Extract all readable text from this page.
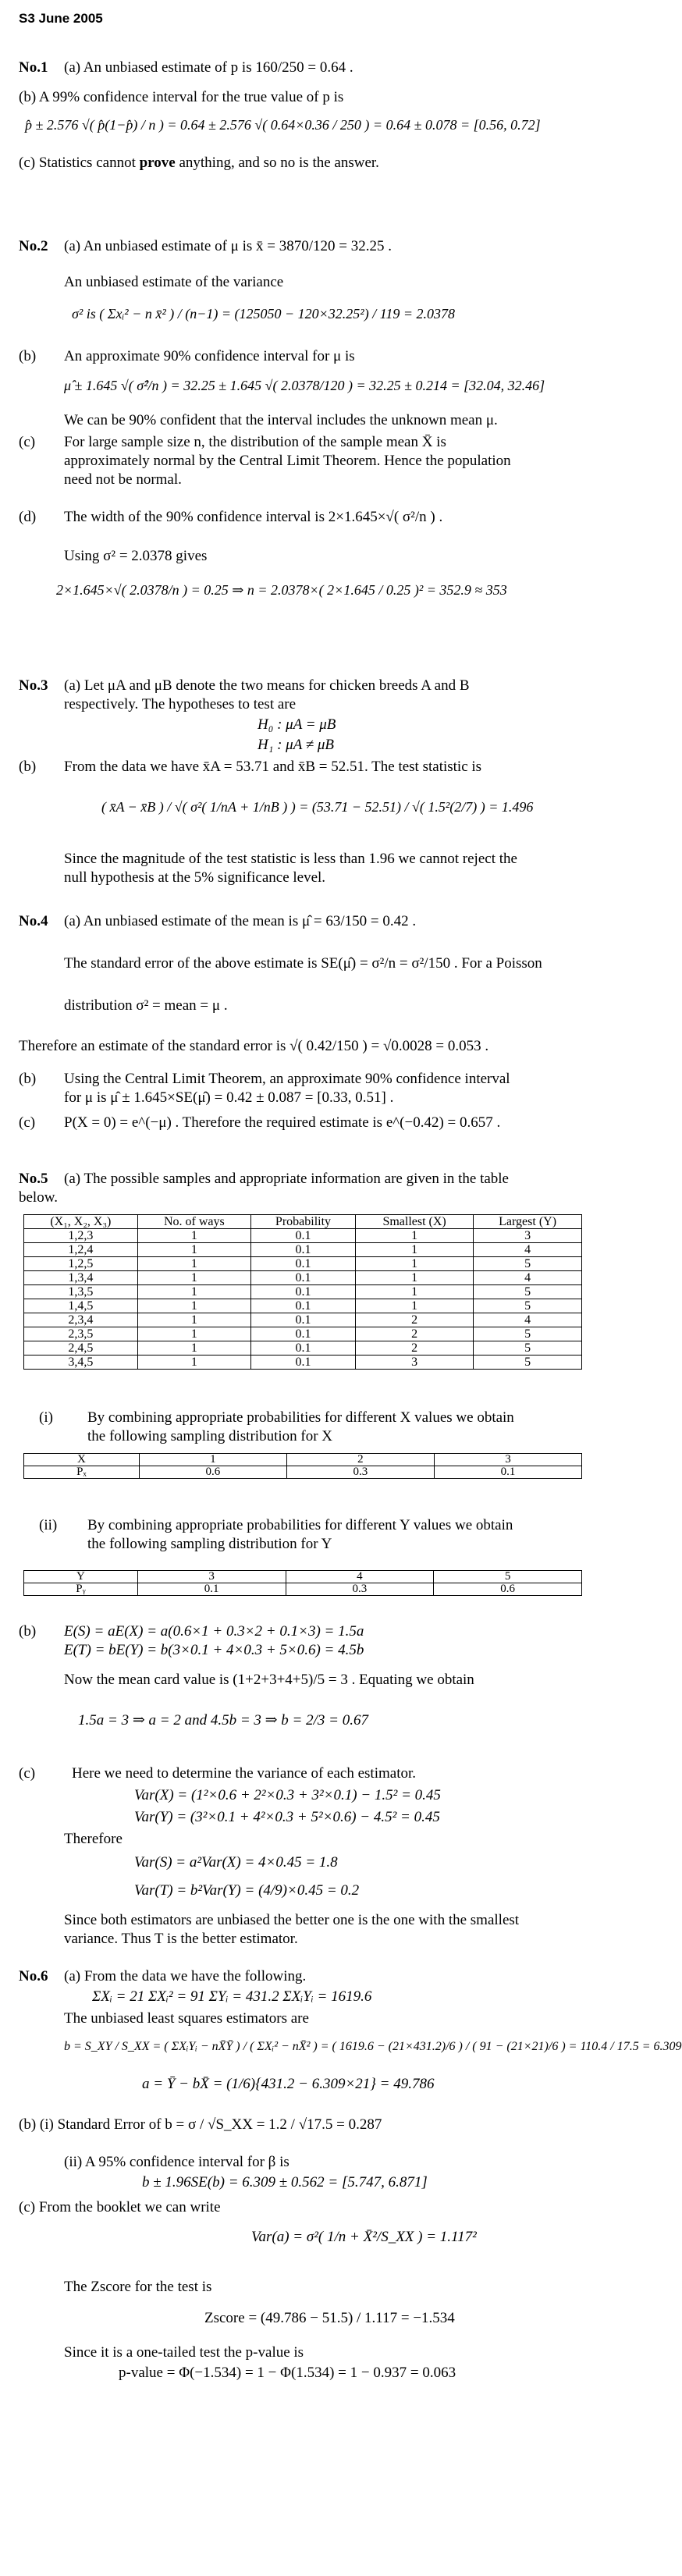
S3 June 2005
No.1 (a) An unbiased estimate of p is 160/250 = 0.64 .
(b) A 99% confidence interval for the true value of p is
p̂ ± 2.576 √( p̂(1−p̂) / n ) = 0.64 ± 2.576 √( 0.64×0.36 / 250 ) = 0.64 ± 0.078 = [0.56, 0.72]
(c) Statistics cannot prove anything, and so no is the answer.
No.2 (a) An unbiased estimate of μ is x̄ = 3870/120 = 32.25 .
An unbiased estimate of the variance
σ² is ( Σxᵢ² − n x̄² ) / (n−1) = (125050 − 120×32.25²) / 119 = 2.0378
(b) An approximate 90% confidence interval for μ is
μ̂ ± 1.645 √( σ̂²/n ) = 32.25 ± 1.645 √( 2.0378/120 ) = 32.25 ± 0.214 = [32.04, 32.46]
We can be 90% confident that the interval includes the unknown mean μ.
(c) For large sample size n, the distribution of the sample mean X̄ is
approximately normal by the Central Limit Theorem. Hence the population
need not be normal.
(d) The width of the 90% confidence interval is 2×1.645×√( σ²/n ) .
Using σ² = 2.0378 gives
2×1.645×√( 2.0378/n ) = 0.25 ⇒ n = 2.0378×( 2×1.645 / 0.25 )² = 352.9 ≈ 353
No.3 (a) Let μA and μB denote the two means for chicken breeds A and B
respectively. The hypotheses to test are
H₀ : μA = μB
H₁ : μA ≠ μB
(b) From the data we have x̄A = 53.71 and x̄B = 52.51. The test statistic is
( x̄A − x̄B ) / √( σ²( 1/nA + 1/nB ) ) = (53.71 − 52.51) / √( 1.5²(2/7) ) = 1.496
Since the magnitude of the test statistic is less than 1.96 we cannot reject the
null hypothesis at the 5% significance level.
No.4 (a) An unbiased estimate of the mean is μ̂ = 63/150 = 0.42 .
The standard error of the above estimate is SE(μ̂) = σ²/n = σ²/150 . For a Poisson
distribution σ² = mean = μ .
Therefore an estimate of the standard error is √( 0.42/150 ) = √0.0028 = 0.053 .
(b) Using the Central Limit Theorem, an approximate 90% confidence interval
for μ is μ̂ ± 1.645×SE(μ̂) = 0.42 ± 0.087 = [0.33, 0.51] .
(c) P(X = 0) = e^(−μ) . Therefore the required estimate is e^(−0.42) = 0.657 .
No.5 (a) The possible samples and appropriate information are given in the table
below.
(X₁, X₂, X₃)	No. of ways	Probability	Smallest (X)	Largest (Y)
1,2,3	1	0.1	1	3
1,2,4	1	0.1	1	4
1,2,5	1	0.1	1	5
1,3,4	1	0.1	1	4
1,3,5	1	0.1	1	5
1,4,5	1	0.1	1	5
2,3,4	1	0.1	2	4
2,3,5	1	0.1	2	5
2,4,5	1	0.1	2	5
3,4,5	1	0.1	3	5
(i) By combining appropriate probabilities for different X values we obtain
the following sampling distribution for X
X	1	2	3
Pₓ	0.6	0.3	0.1
(ii) By combining appropriate probabilities for different Y values we obtain
the following sampling distribution for Y
Y	3	4	5
Pᵧ	0.1	0.3	0.6
(b) E(S) = aE(X) = a(0.6×1 + 0.3×2 + 0.1×3) = 1.5a
E(T) = bE(Y) = b(3×0.1 + 4×0.3 + 5×0.6) = 4.5b
Now the mean card value is (1+2+3+4+5)/5 = 3 . Equating we obtain
1.5a = 3 ⇒ a = 2 and 4.5b = 3 ⇒ b = 2/3 = 0.67
(c) Here we need to determine the variance of each estimator.
Var(X) = (1²×0.6 + 2²×0.3 + 3²×0.1) − 1.5² = 0.45
Var(Y) = (3²×0.1 + 4²×0.3 + 5²×0.6) − 4.5² = 0.45
Therefore
Var(S) = a²Var(X) = 4×0.45 = 1.8
Var(T) = b²Var(Y) = (4/9)×0.45 = 0.2
Since both estimators are unbiased the better one is the one with the smallest
variance. Thus T is the better estimator.
No.6 (a) From the data we have the following.
ΣXᵢ = 21 ΣXᵢ² = 91 ΣYᵢ = 431.2 ΣXᵢYᵢ = 1619.6
The unbiased least squares estimators are
b = S_XY / S_XX = ( ΣXᵢYᵢ − nX̄Ȳ ) / ( ΣXᵢ² − nX̄² ) = ( 1619.6 − (21×431.2)/6 ) / ( 91 − (21×21)/6 ) = 110.4 / 17.5 = 6.309
a = Ȳ − bX̄ = (1/6){431.2 − 6.309×21} = 49.786
(b) (i) Standard Error of b = σ / √S_XX = 1.2 / √17.5 = 0.287
(ii) A 95% confidence interval for β is
b ± 1.96SE(b) = 6.309 ± 0.562 = [5.747, 6.871]
(c) From the booklet we can write
Var(a) = σ²( 1/n + X̄²/S_XX ) = 1.117²
The Zscore for the test is
Zscore = (49.786 − 51.5) / 1.117 = −1.534
Since it is a one-tailed test the p-value is
p-value = Φ(−1.534) = 1 − Φ(1.534) = 1 − 0.937 = 0.063
